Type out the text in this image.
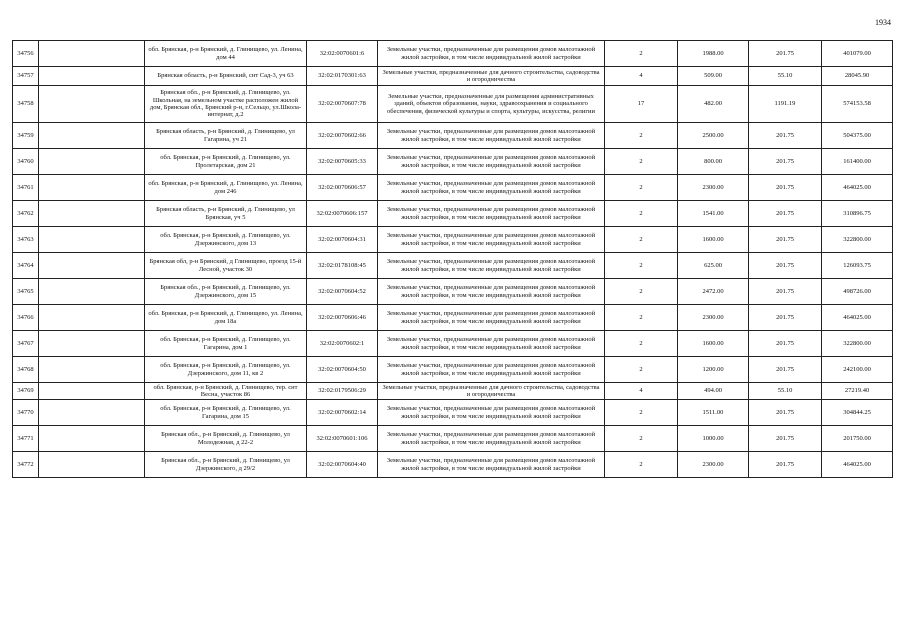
1934
34756		обл. Брянская, р-н Брянский, д. Глинищево, ул. Ленина, дом 44	32:02:0070601:6	Земельные участки, предназначенные для размещения домов малоэтажной жилой застройки, в том числе индивидуальной жилой застройки	2	1988.00	201.75	401079.00
34757		Брянская область, р-н Брянский, снт Сад-3, уч 63	32:02:0170301:63	Земельные участки, предназначенные для дачного строительства, садоводства и огородничества	4	509.00	55.10	28045.90
34758		Брянская обл., р-н Брянский, д. Глинищево, ул. Школьная, на земельном участке расположен жилой дом, Брянская обл., Брянский р-н, г.Сельцо, ул.Школа-интернат, д.2	32:02:0070607:78	Земельные участки, предназначенные для размещения административных зданий, объектов образования, науки, здравоохранения и социального обеспечения, физической культуры и спорта, культуры, искусства, религии	17	482.00	1191.19	574153.58
34759		Брянская область, р-н Брянский, д. Глинищево, ул Гагарина, уч 21	32:02:0070602:66	Земельные участки, предназначенные для размещения домов малоэтажной жилой застройки, в том числе индивидуальной жилой застройки	2	2500.00	201.75	504375.00
34760		обл. Брянская, р-н Брянский, д. Глинищево, ул. Пролетарская, дом 21	32:02:0070605:33	Земельные участки, предназначенные для размещения домов малоэтажной жилой застройки, в том числе индивидуальной жилой застройки	2	800.00	201.75	161400.00
34761		обл. Брянская, р-н Брянский, д. Глинищево, ул. Ленина, дом 246	32:02:0070606:57	Земельные участки, предназначенные для размещения домов малоэтажной жилой застройки, в том числе индивидуальной жилой застройки	2	2300.00	201.75	464025.00
34762		Брянская область, р-н Брянский, д. Глинищево, ул Брянская, уч 5	32:02:0070606:157	Земельные участки, предназначенные для размещения домов малоэтажной жилой застройки, в том числе индивидуальной жилой застройки	2	1541.00	201.75	310896.75
34763		обл. Брянская, р-н Брянский, д. Глинищево, ул. Дзержинского, дом 13	32:02:0070604:31	Земельные участки, предназначенные для размещения домов малоэтажной жилой застройки, в том числе индивидуальной жилой застройки	2	1600.00	201.75	322800.00
34764		Брянская обл, р-н Брянский, д Глинищево, проезд 15-й Лесной, участок 30	32:02:0178108:45	Земельные участки, предназначенные для размещения домов малоэтажной жилой застройки, в том числе индивидуальной жилой застройки	2	625.00	201.75	126093.75
34765		Брянская обл., р-н Брянский, д. Глинищево, ул. Дзержинского, дом 15	32:02:0070604:52	Земельные участки, предназначенные для размещения домов малоэтажной жилой застройки, в том числе индивидуальной жилой застройки	2	2472.00	201.75	498726.00
34766		обл. Брянская, р-н Брянский, д. Глинищево, ул. Ленина, дом 18а	32:02:0070606:46	Земельные участки, предназначенные для размещения домов малоэтажной жилой застройки, в том числе индивидуальной жилой застройки	2	2300.00	201.75	464025.00
34767		обл. Брянская, р-н Брянский, д. Глинищево, ул. Гагарина, дом 1	32:02:0070602:1	Земельные участки, предназначенные для размещения домов малоэтажной жилой застройки, в том числе индивидуальной жилой застройки	2	1600.00	201.75	322800.00
34768		обл. Брянская, р-н Брянский, д. Глинищево, ул. Дзержинского, дом 11, кв 2	32:02:0070604:50	Земельные участки, предназначенные для размещения домов малоэтажной жилой застройки, в том числе индивидуальной жилой застройки	2	1200.00	201.75	242100.00
34769		обл. Брянская, р-н Брянский, д. Глинищево, тер. снт Весна, участок 86	32:02:0179506:29	Земельные участки, предназначенные для дачного строительства, садоводства и огородничества	4	494.00	55.10	27219.40
34770		обл. Брянская, р-н Брянский, д. Глинищево, ул. Гагарина, дом 15	32:02:0070602:14	Земельные участки, предназначенные для размещения домов малоэтажной жилой застройки, в том числе индивидуальной жилой застройки	2	1511.00	201.75	304844.25
34771		Брянская обл., р-н Брянский, д. Глинищево, ул Молодежная, д 22-2	32:02:0070601:106	Земельные участки, предназначенные для размещения домов малоэтажной жилой застройки, в том числе индивидуальной жилой застройки	2	1000.00	201.75	201750.00
34772		Брянская обл., р-н Брянский, д. Глинищево, ул Дзержинского, д 29/2	32:02:0070604:40	Земельные участки, предназначенные для размещения домов малоэтажной жилой застройки, в том числе индивидуальной жилой застройки	2	2300.00	201.75	464025.00
